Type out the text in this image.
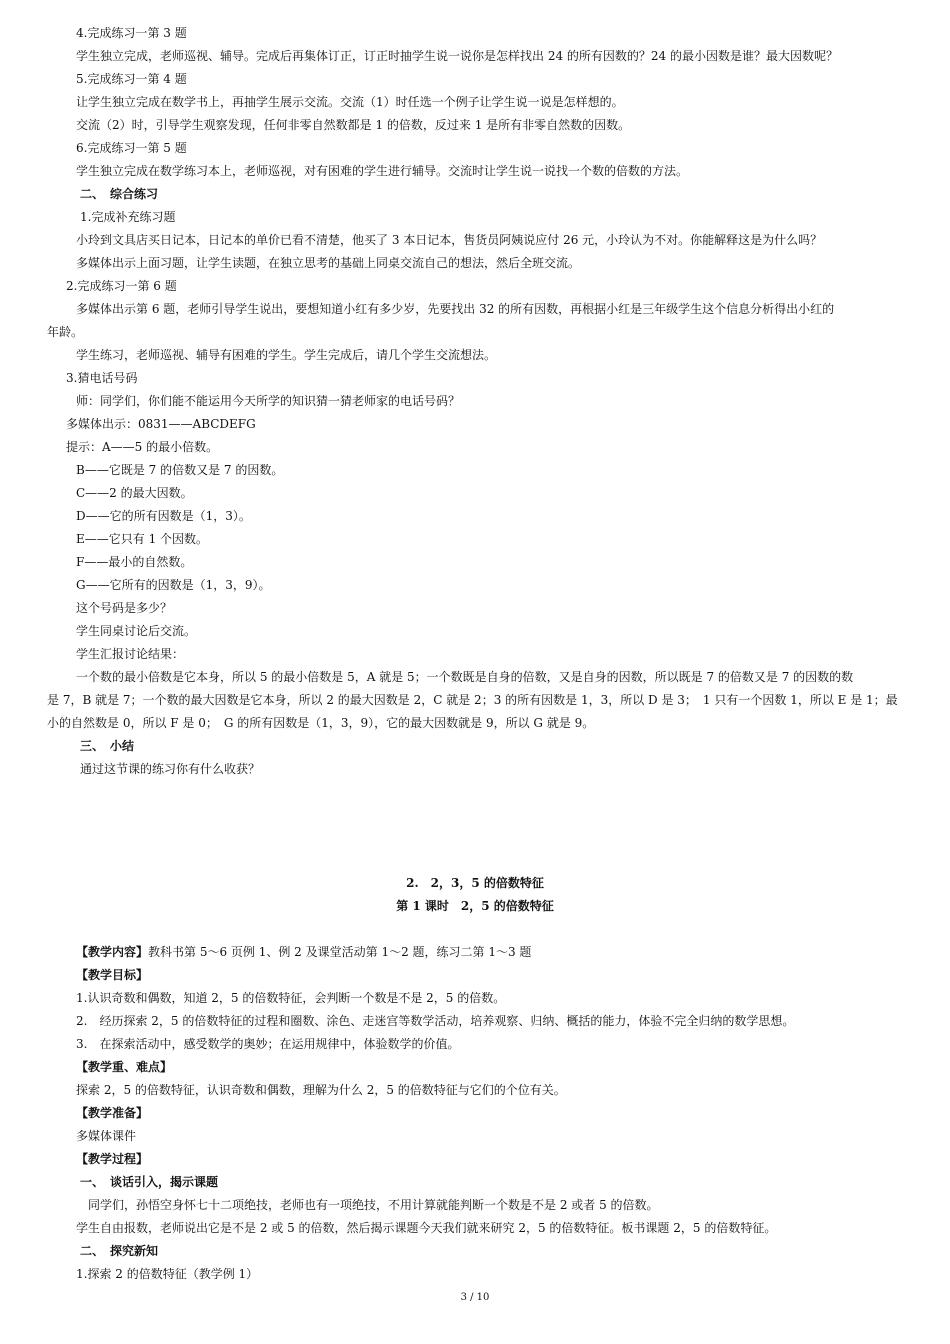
4.完成练习一第 3 题
学生独立完成，老师巡视、辅导。完成后再集体订正，订正时抽学生说一说你是怎样找出 24 的所有因数的？24 的最小因数是谁？最大因数呢？
5.完成练习一第 4 题
让学生独立完成在数学书上，再抽学生展示交流。交流（1）时任选一个例子让学生说一说是怎样想的。
交流（2）时，引导学生观察发现，任何非零自然数都是 1 的倍数，反过来 1 是所有非零自然数的因数。
6.完成练习一第 5 题
学生独立完成在数学练习本上，老师巡视，对有困难的学生进行辅导。交流时让学生说一说找一个数的倍数的方法。
二、　综合练习
1.完成补充练习题
小玲到文具店买日记本，日记本的单价已看不清楚，他买了 3 本日记本，售货员阿姨说应付 26 元，小玲认为不对。你能解释这是为什么吗？
多媒体出示上面习题，让学生读题，在独立思考的基础上同桌交流自己的想法，然后全班交流。
2.完成练习一第 6 题
多媒体出示第 6 题，老师引导学生说出，要想知道小红有多少岁，先要找出 32 的所有因数，再根据小红是三年级学生这个信息分析得出小红的
年龄。
学生练习，老师巡视、辅导有困难的学生。学生完成后，请几个学生交流想法。
3.猜电话号码
师：同学们，你们能不能运用今天所学的知识猜一猜老师家的电话号码？
多媒体出示：0831——ABCDEFG
提示：A——5 的最小倍数。
B——它既是 7 的倍数又是 7 的因数。
C——2 的最大因数。
D——它的所有因数是（1，3）。
E——它只有 1 个因数。
F——最小的自然数。
G——它所有的因数是（1，3，9）。
这个号码是多少？
学生同桌讨论后交流。
学生汇报讨论结果：
一个数的最小倍数是它本身，所以 5 的最小倍数是 5，A 就是 5；一个数既是自身的倍数，又是自身的因数，所以既是 7 的倍数又是 7 的因数的数
是 7，B 就是 7；一个数的最大因数是它本身，所以 2 的最大因数是 2，C 就是 2；3 的所有因数是 1，3，所以 D 是 3；　1 只有一个因数 1，所以 E 是 1；最
小的自然数是 0，所以 F 是 0；　G 的所有因数是（1，3，9），它的最大因数就是 9，所以 G 就是 9。
三、　小结
通过这节课的练习你有什么收获？
2.　2，3，5 的倍数特征
第 1 课时　2，5 的倍数特征
【教学内容】教科书第 5～6 页例 1、例 2 及课堂活动第 1～2 题，练习二第 1～3 题
【教学目标】
1.认识奇数和偶数，知道 2，5 的倍数特征，会判断一个数是不是 2，5 的倍数。
2.　经历探索 2，5 的倍数特征的过程和圈数、涂色、走迷宫等数学活动，培养观察、归纳、概括的能力，体验不完全归纳的数学思想。
3.　在探索活动中，感受数学的奥妙；在运用规律中，体验数学的价值。
【教学重、难点】
探索 2，5 的倍数特征，认识奇数和偶数，理解为什么 2，5 的倍数特征与它们的个位有关。
【教学准备】
多媒体课件
【教学过程】
一、　谈话引入，揭示课题
同学们，孙悟空身怀七十二项绝技，老师也有一项绝技，不用计算就能判断一个数是不是 2 或者 5 的倍数。
学生自由报数，老师说出它是不是 2 或 5 的倍数，然后揭示课题今天我们就来研究 2，5 的倍数特征。板书课题 2，5 的倍数特征。
二、　探究新知
1.探索 2 的倍数特征（教学例 1）
3 / 10
